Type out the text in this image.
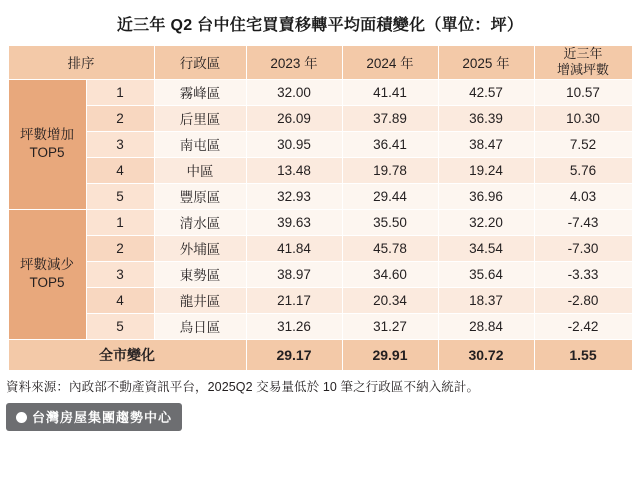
近三年 Q2 台中住宅買賣移轉平均面積變化（單位：坪）
排序		行政區	2023 年	2024 年	2025 年	近三年
增減坪數

坪數增加
TOP5	1	霧峰區	32.00	41.41	42.57	10.57
	2	后里區	26.09	37.89	36.39	10.30
	3	南屯區	30.95	36.41	38.47	7.52
	4	中區	13.48	19.78	19.24	5.76
	5	豐原區	32.93	29.44	36.96	4.03

坪數減少
TOP5	1	清水區	39.63	35.50	32.20	-7.43
	2	外埔區	41.84	45.78	34.54	-7.30
	3	東勢區	38.97	34.60	35.64	-3.33
	4	龍井區	21.17	20.34	18.37	-2.80
	5	烏日區	31.26	31.27	28.84	-2.42
全市變化			29.17	29.91	30.72	1.55
資料來源：內政部不動產資訊平台，2025Q2 交易量低於 10 筆之行政區不納入統計。
台灣房屋集團趨勢中心
